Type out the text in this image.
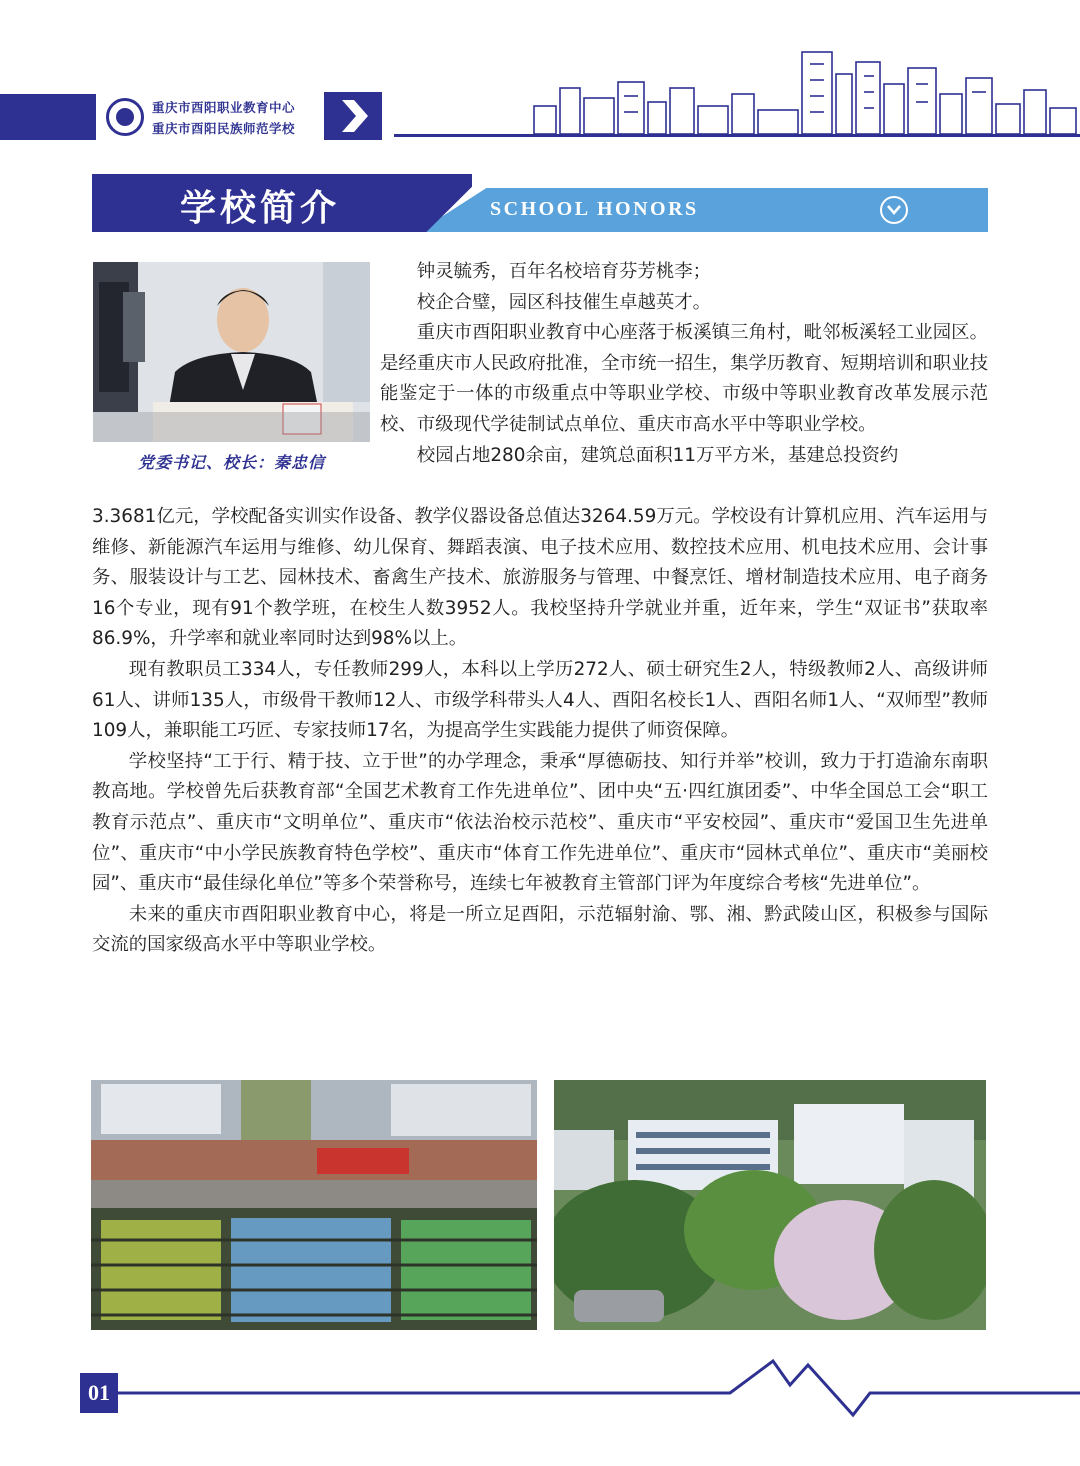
重庆市酉阳职业教育中心
重庆市酉阳民族师范学校
学校简介	SCHOOL HONORS
党委书记、校长：秦忠信

钟灵毓秀，百年名校培育芬芳桃李；

校企合璧，园区科技催生卓越英才。

重庆市酉阳职业教育中心座落于板溪镇三角村，毗邻板溪轻工业园区。是经重庆市人民政府批准，全市统一招生，集学历教育、短期培训和职业技能鉴定于一体的市级重点中等职业学校、市级中等职业教育改革发展示范校、市级现代学徒制试点单位、重庆市高水平中等职业学校。

校园占地280余亩，建筑总面积11万平方米，基建总投资约

3.3681亿元，学校配备实训实作设备、教学仪器设备总值达3264.59万元。学校设有计算机应用、汽车运用与维修、新能源汽车运用与维修、幼儿保育、舞蹈表演、电子技术应用、数控技术应用、机电技术应用、会计事务、服装设计与工艺、园林技术、畜禽生产技术、旅游服务与管理、中餐烹饪、增材制造技术应用、电子商务16个专业，现有91个教学班，在校生人数3952人。我校坚持升学就业并重，近年来，学生“双证书”获取率86.9%，升学率和就业率同时达到98%以上。

现有教职员工334人，专任教师299人，本科以上学历272人、硕士研究生2人，特级教师2人、高级讲师61人、讲师135人，市级骨干教师12人、市级学科带头人4人、酉阳名校长1人、酉阳名师1人、“双师型”教师109人，兼职能工巧匠、专家技师17名，为提高学生实践能力提供了师资保障。

学校坚持“工于行、精于技、立于世”的办学理念，秉承“厚德砺技、知行并举”校训，致力于打造渝东南职教高地。学校曾先后获教育部“全国艺术教育工作先进单位”、团中央“五·四红旗团委”、中华全国总工会“职工教育示范点”、重庆市“文明单位”、重庆市“依法治校示范校”、重庆市“平安校园”、重庆市“爱国卫生先进单位”、重庆市“中小学民族教育特色学校”、重庆市“体育工作先进单位”、重庆市“园林式单位”、重庆市“美丽校园”、重庆市“最佳绿化单位”等多个荣誉称号，连续七年被教育主管部门评为年度综合考核“先进单位”。

未来的重庆市酉阳职业教育中心，将是一所立足酉阳，示范辐射渝、鄂、湘、黔武陵山区，积极参与国际交流的国家级高水平中等职业学校。

01
